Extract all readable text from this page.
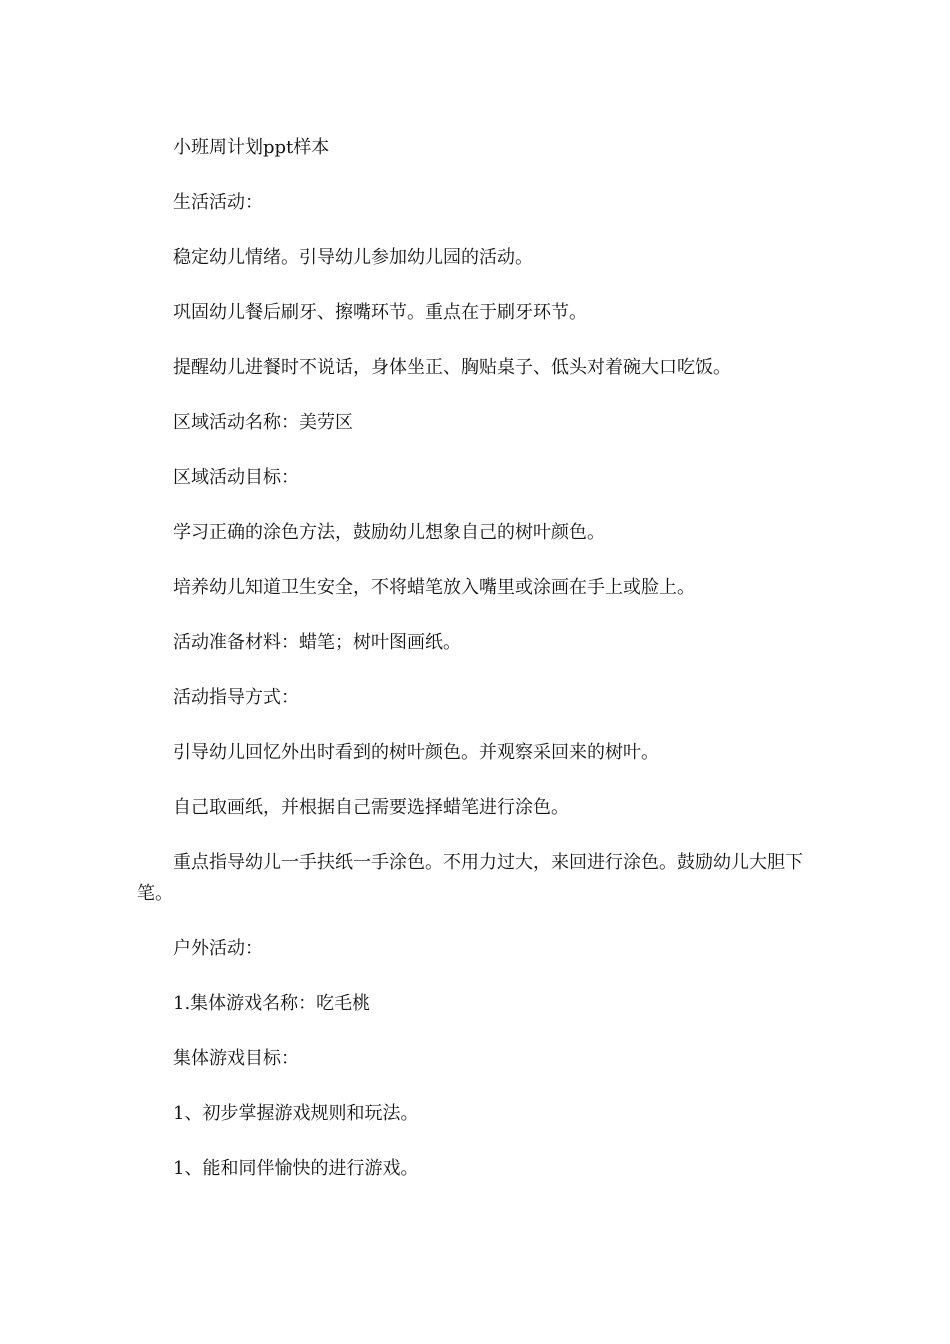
小班周计划ppt样本

生活活动：

稳定幼儿情绪。引导幼儿参加幼儿园的活动。

巩固幼儿餐后刷牙、擦嘴环节。重点在于刷牙环节。

提醒幼儿进餐时不说话，身体坐正、胸贴桌子、低头对着碗大口吃饭。

区域活动名称：美劳区

区域活动目标：

学习正确的涂色方法，鼓励幼儿想象自己的树叶颜色。

培养幼儿知道卫生安全，不将蜡笔放入嘴里或涂画在手上或脸上。

活动准备材料：蜡笔；树叶图画纸。

活动指导方式：

引导幼儿回忆外出时看到的树叶颜色。并观察采回来的树叶。

自己取画纸，并根据自己需要选择蜡笔进行涂色。

重点指导幼儿一手扶纸一手涂色。不用力过大，来回进行涂色。鼓励幼儿大胆下笔。

户外活动：

1.集体游戏名称：吃毛桃

集体游戏目标：

1、初步掌握游戏规则和玩法。

1、能和同伴愉快的进行游戏。
